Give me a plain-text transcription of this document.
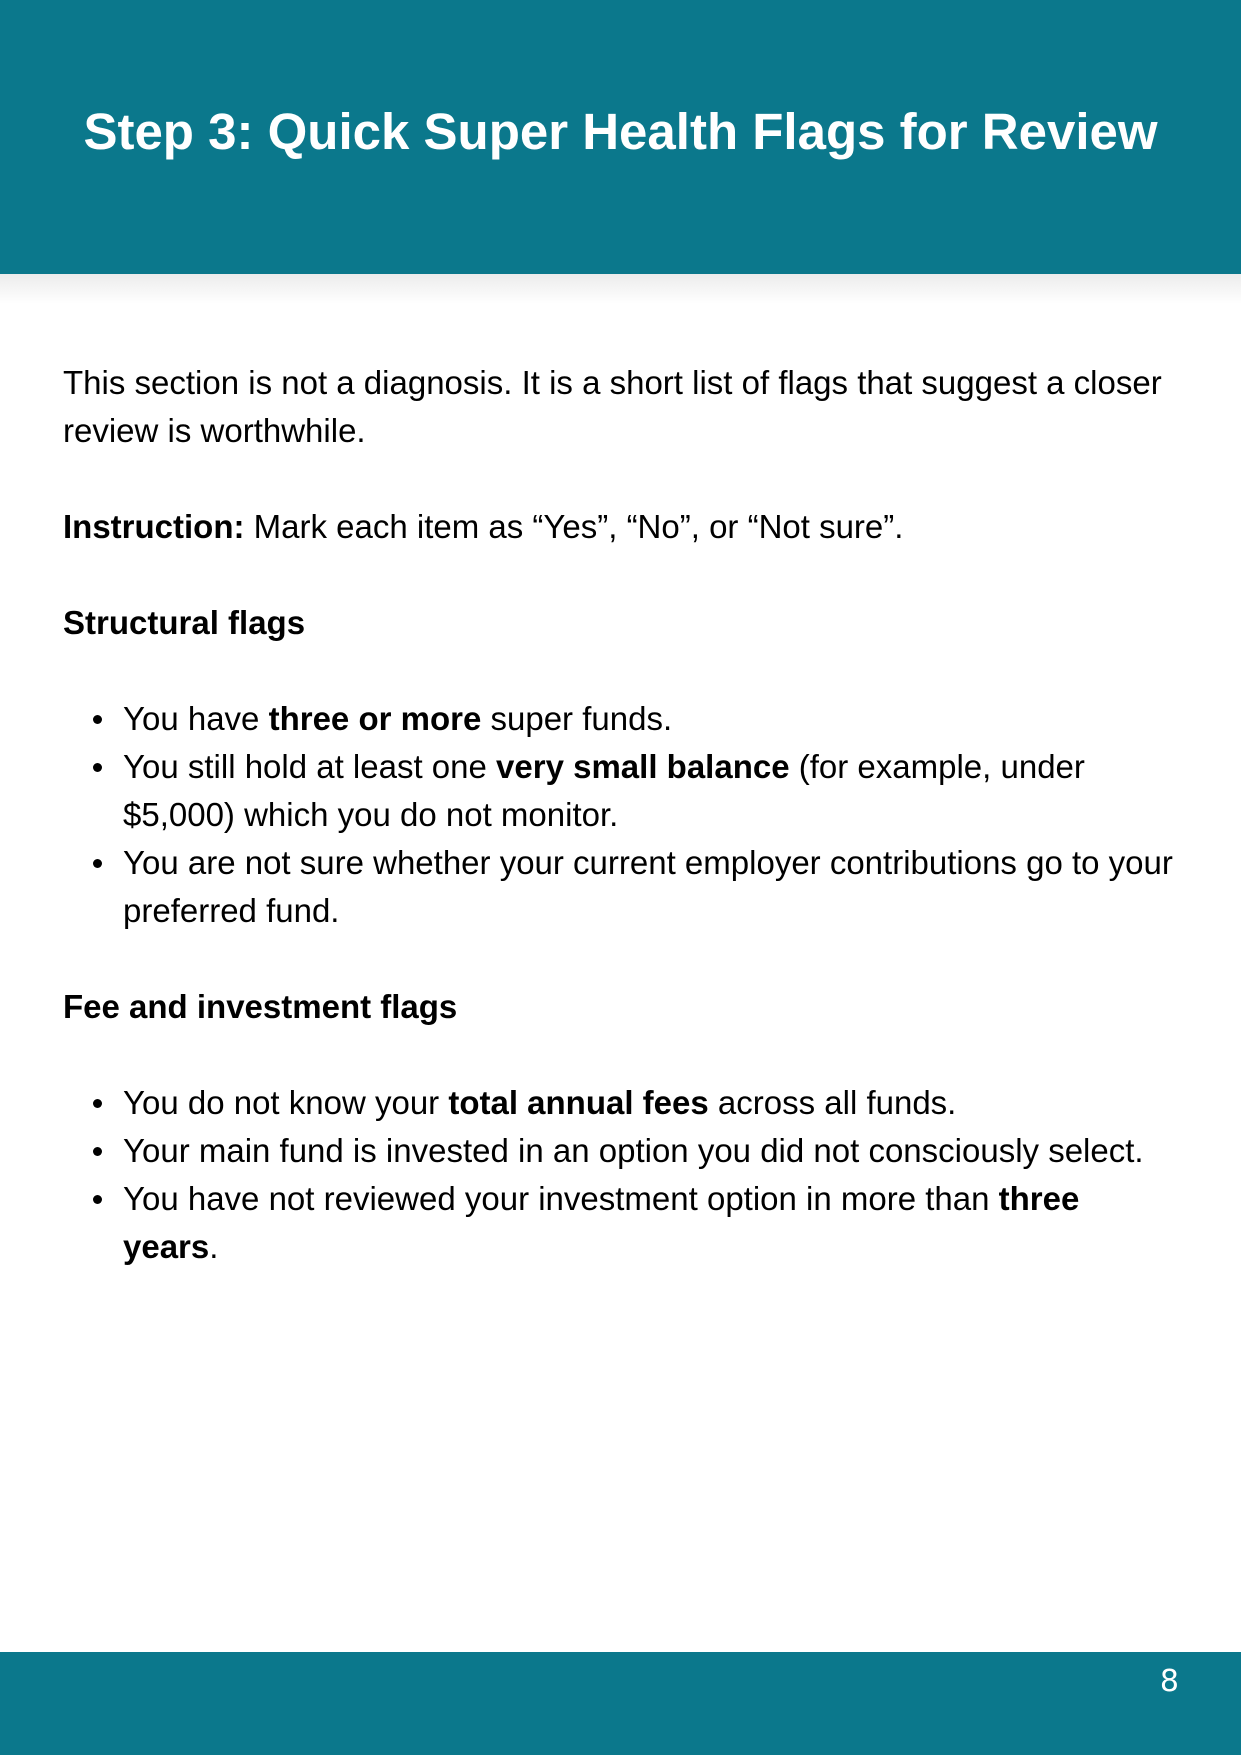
Step 3: Quick Super Health Flags for Review

This section is not a diagnosis. It is a short list of flags that suggest a closer review is worthwhile.

Instruction: Mark each item as “Yes”, “No”, or “Not sure”.

Structural flags

You have three or more super funds.
You still hold at least one very small balance (for example, under $5,000) which you do not monitor.
You are not sure whether your current employer contributions go to your preferred fund.

Fee and investment flags

You do not know your total annual fees across all funds.
Your main fund is invested in an option you did not consciously select.
You have not reviewed your investment option in more than three years.
8
